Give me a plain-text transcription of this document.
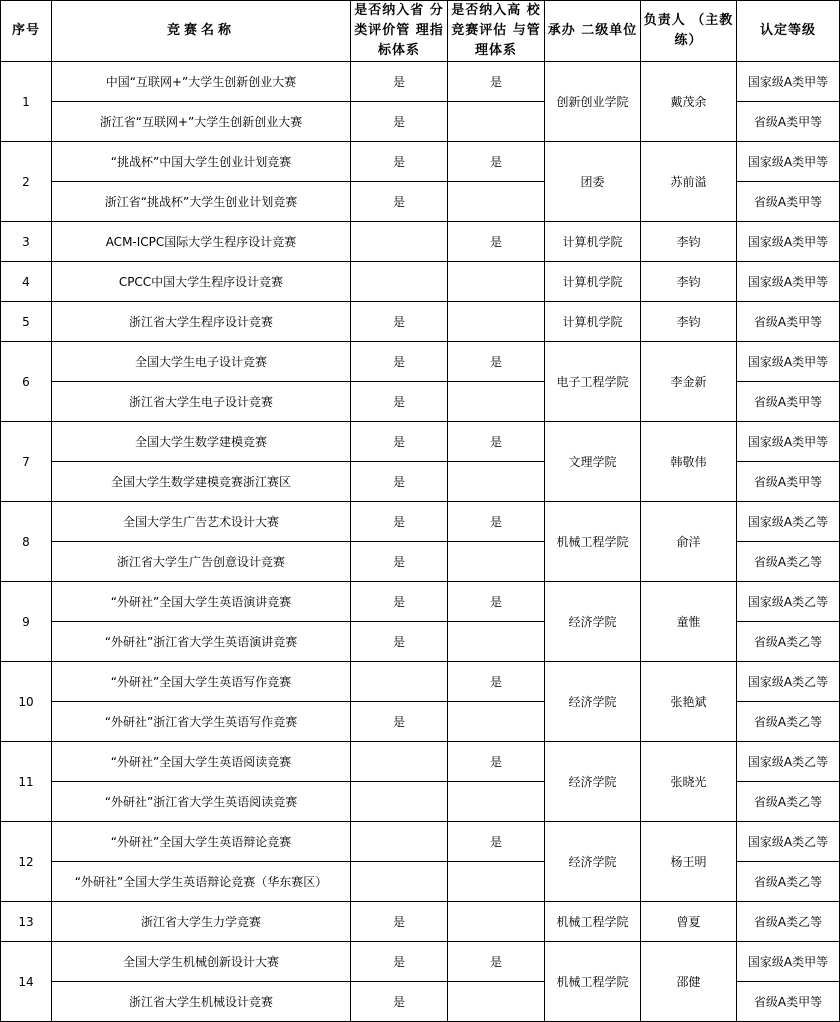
序号	竞赛名称	是否纳入省 分类评价管 理指标体系	是否纳入高 校竞赛评估 与管理体系	承办 二级单位	负责人 （主教练）	认定等级
1	中国“互联网+”大学生创新创业大赛	是	是	创新创业学院	戴茂余	国家级A类甲等
	浙江省“互联网+”大学生创新创业大赛	是				省级A类甲等
2	“挑战杯”中国大学生创业计划竞赛	是	是	团委	苏前溢	国家级A类甲等
	浙江省“挑战杯”大学生创业计划竞赛	是				省级A类甲等
3	ACM-ICPC国际大学生程序设计竞赛		是	计算机学院	李钧	国家级A类甲等
4	CPCC中国大学生程序设计竞赛			计算机学院	李钧	国家级A类甲等
5	浙江省大学生程序设计竞赛	是		计算机学院	李钧	省级A类甲等
6	全国大学生电子设计竞赛	是	是	电子工程学院	李金新	国家级A类甲等
	浙江省大学生电子设计竞赛	是				省级A类甲等
7	全国大学生数学建模竞赛	是	是	文理学院	韩敬伟	国家级A类甲等
	全国大学生数学建模竞赛浙江赛区	是				省级A类甲等
8	全国大学生广告艺术设计大赛	是	是	机械工程学院	俞洋	国家级A类乙等
	浙江省大学生广告创意设计竞赛	是				省级A类乙等
9	“外研社”全国大学生英语演讲竞赛	是	是	经济学院	童惟	国家级A类乙等
	“外研社”浙江省大学生英语演讲竞赛	是				省级A类乙等
10	“外研社”全国大学生英语写作竞赛		是	经济学院	张艳斌	国家级A类乙等
	“外研社”浙江省大学生英语写作竞赛	是				省级A类乙等
11	“外研社”全国大学生英语阅读竞赛		是	经济学院	张晓光	国家级A类乙等
	“外研社”浙江省大学生英语阅读竞赛					省级A类乙等
12	“外研社”全国大学生英语辩论竞赛		是	经济学院	杨王明	国家级A类乙等
	“外研社”全国大学生英语辩论竞赛（华东赛区）					省级A类乙等
13	浙江省大学生力学竞赛	是		机械工程学院	曾夏	省级A类乙等
14	全国大学生机械创新设计大赛	是	是	机械工程学院	邵健	国家级A类甲等
	浙江省大学生机械设计竞赛	是				省级A类甲等
